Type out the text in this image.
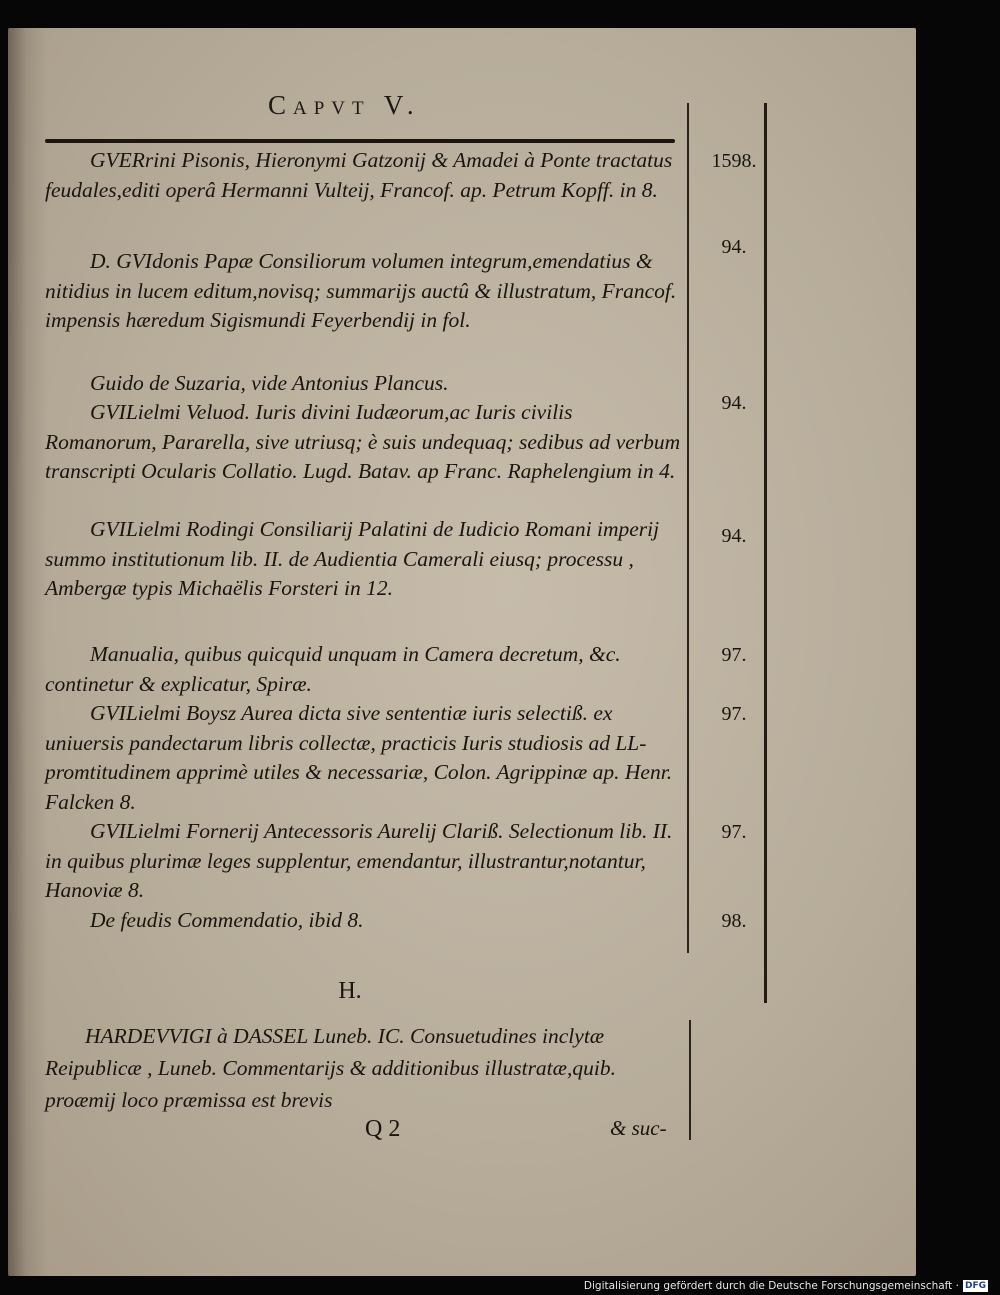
Capvt V.

GVERrini Pisonis, Hieronymi Gatzonij & Amadei à Ponte tractatus feudales,editi operâ Hermanni Vulteij, Francof. ap. Petrum Kopff. in 8.

1598.

D. GVIdonis Papæ Consiliorum volumen integrum,emendatius & nitidius in lucem editum,novisq; summarijs auctû & illustratum, Francof. impensis hæredum Sigismundi Feyerbendij in fol.

94.

Guido de Suzaria, vide Antonius Plancus.

GVILielmi Veluod. Iuris divini Iudæorum,ac Iuris civilis Romanorum, Pararella, sive utriusq; è suis undequaq; sedibus ad verbum transcripti Ocularis Collatio. Lugd. Batav. ap Franc. Raphelengium in 4.

94.

GVILielmi Rodingi Consiliarij Palatini de Iudicio Romani imperij summo institutionum lib. II. de Audientia Camerali eiusq; processu , Ambergæ typis Michaëlis Forsteri in 12.

94.

Manualia, quibus quicquid unquam in Camera decretum, &c. continetur & explicatur, Spiræ.

97.

GVILielmi Boysz Aurea dicta sive sententiæ iuris selectiß. ex uniuersis pandectarum libris collectæ, practicis Iuris studiosis ad LL- promtitudinem apprimè utiles & necessariæ, Colon. Agrippinæ ap. Henr. Falcken 8.

97.

GVILielmi Fornerij Antecessoris Aurelij Clariß. Selectionum lib. II. in quibus plurimæ leges supplentur, emendantur, illustrantur,notantur, Hanoviæ 8.

97.

De feudis Commendatio, ibid 8.	98.
H.

HARDEVVIGI à DASSEL Luneb. IC. Consuetudines inclytæ Reipublicæ , Luneb. Commentarijs & additionibus illustratæ,quib. proæmij loco præmissa est brevis

Q 2	& suc-
Digitalisierung gefördert durch die Deutsche Forschungsgemeinschaft · DFG
